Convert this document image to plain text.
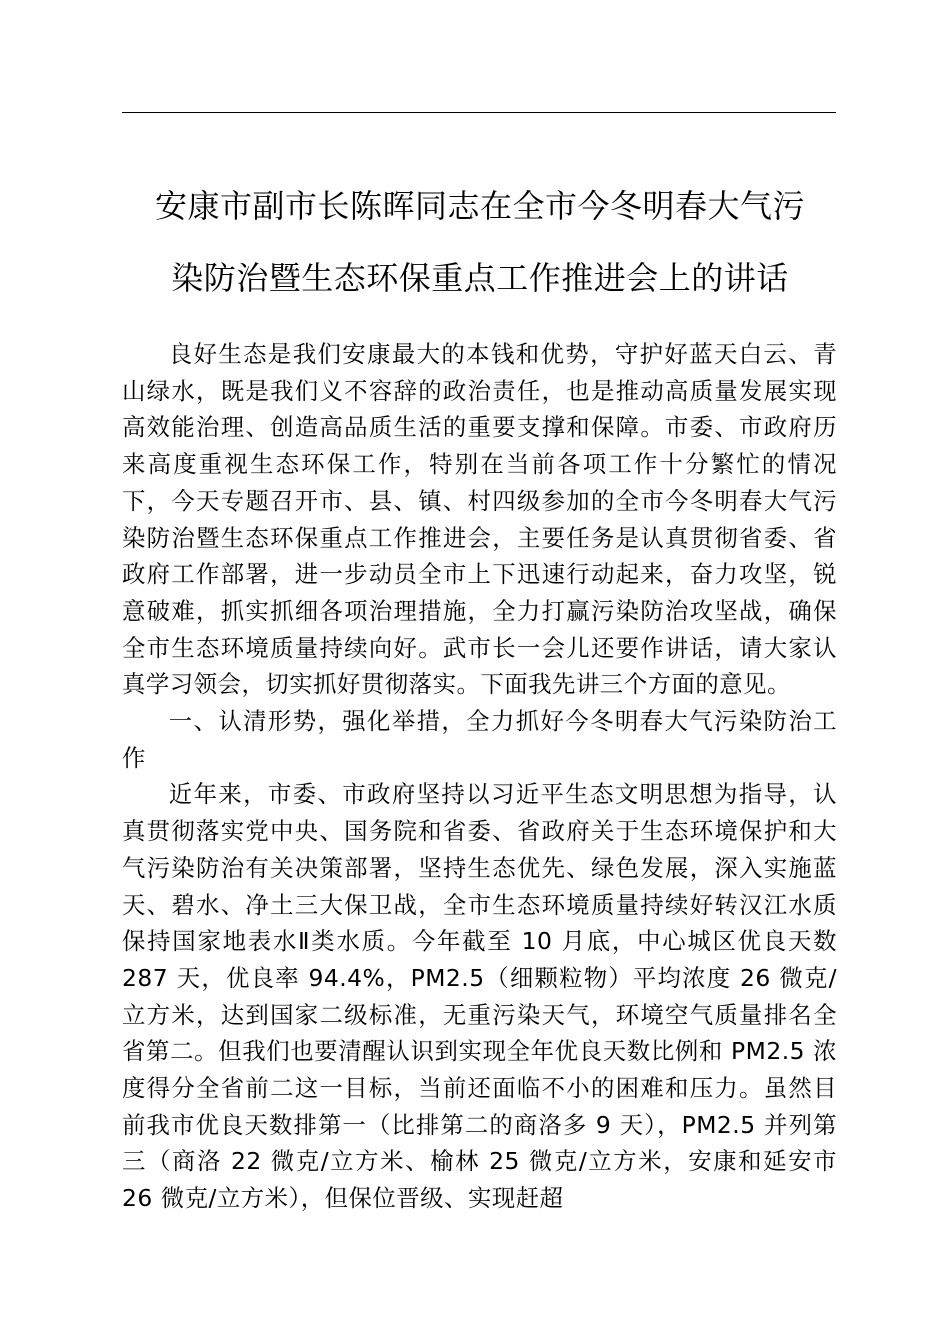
安康市副市长陈晖同志在全市今冬明春大气污
染防治暨生态环保重点工作推进会上的讲话

良好生态是我们安康最大的本钱和优势，守护好蓝天白云、青山绿水，既是我们义不容辞的政治责任，也是推动高质量发展实现高效能治理、创造高品质生活的重要支撑和保障。市委、市政府历来高度重视生态环保工作，特别在当前各项工作十分繁忙的情况下，今天专题召开市、县、镇、村四级参加的全市今冬明春大气污染防治暨生态环保重点工作推进会，主要任务是认真贯彻省委、省政府工作部署，进一步动员全市上下迅速行动起来，奋力攻坚，锐意破难，抓实抓细各项治理措施，全力打赢污染防治攻坚战，确保全市生态环境质量持续向好。武市长一会儿还要作讲话，请大家认真学习领会，切实抓好贯彻落实。下面我先讲三个方面的意见。

一、认清形势，强化举措，全力抓好今冬明春大气污染防治工作

近年来，市委、市政府坚持以习近平生态文明思想为指导，认真贯彻落实党中央、国务院和省委、省政府关于生态环境保护和大气污染防治有关决策部署，坚持生态优先、绿色发展，深入实施蓝天、碧水、净土三大保卫战，全市生态环境质量持续好转汉江水质保持国家地表水Ⅱ类水质。今年截至 10 月底，中心城区优良天数 287 天，优良率 94.4%，PM2.5（细颗粒物）平均浓度 26 微克/立方米，达到国家二级标准，无重污染天气，环境空气质量排名全省第二。但我们也要清醒认识到实现全年优良天数比例和 PM2.5 浓度得分全省前二这一目标，当前还面临不小的困难和压力。虽然目前我市优良天数排第一（比排第二的商洛多 9 天），PM2.5 并列第三（商洛 22 微克/立方米、榆林 25 微克/立方米，安康和延安市 26 微克/立方米），但保位晋级、实现赶超
